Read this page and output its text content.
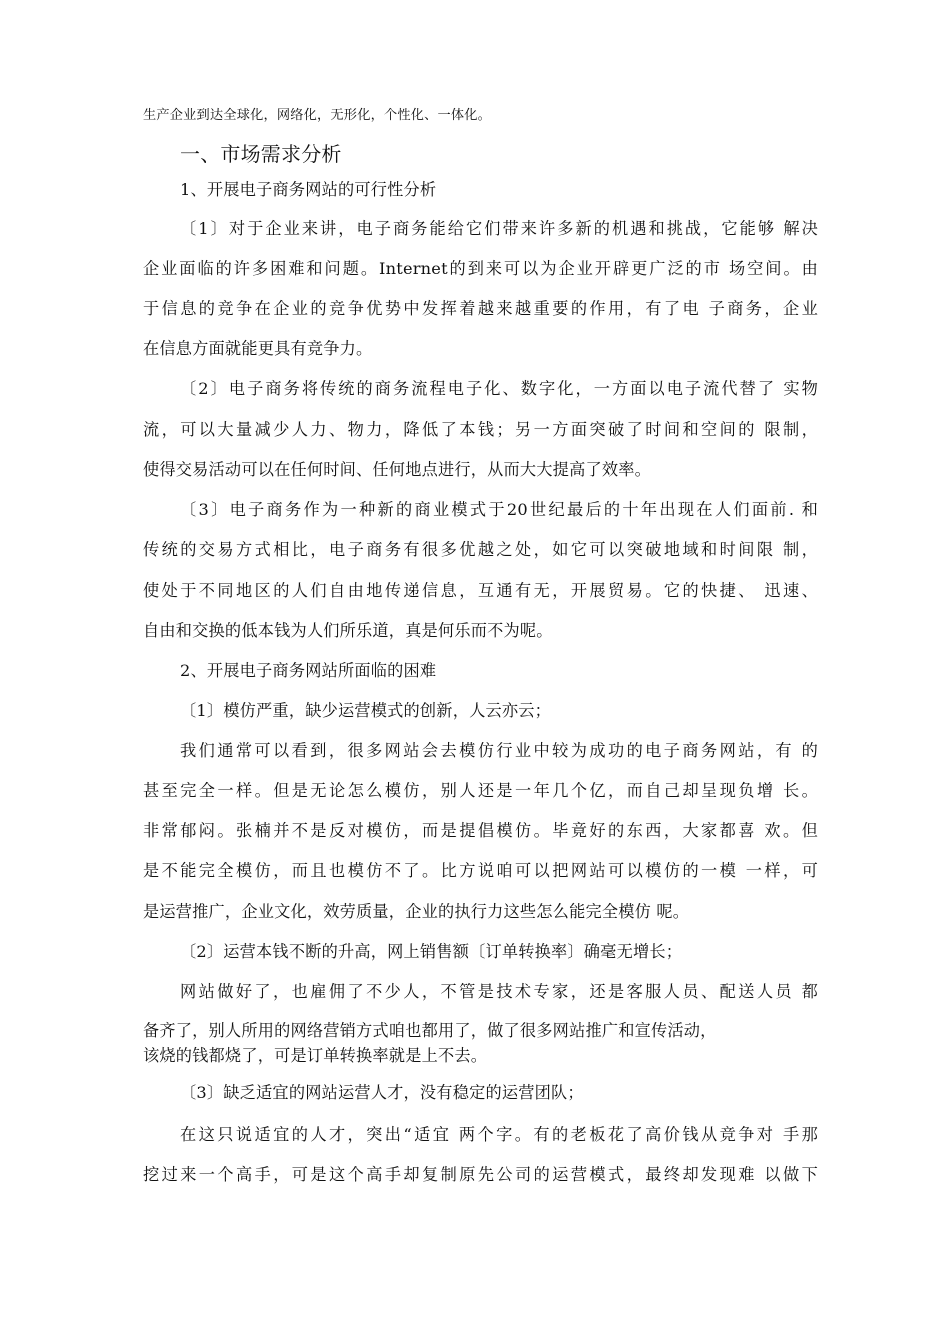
生产企业到达全球化，网络化，无形化，个性化、一体化。
一、市场需求分析
1、开展电子商务网站的可行性分析
〔1〕对于企业来讲，电子商务能给它们带来许多新的机遇和挑战，它能够 解决
企业面临的许多困难和问题。Internet的到来可以为企业开辟更广泛的市 场空间。由
于信息的竞争在企业的竞争优势中发挥着越来越重要的作用，有了电 子商务，企业
在信息方面就能更具有竞争力。
〔2〕电子商务将传统的商务流程电子化、数字化，一方面以电子流代替了 实物
流，可以大量减少人力、物力，降低了本钱；另一方面突破了时间和空间的 限制，
使得交易活动可以在任何时间、任何地点进行，从而大大提高了效率。
〔3〕电子商务作为一种新的商业模式于20世纪最后的十年出现在人们面前. 和
传统的交易方式相比，电子商务有很多优越之处，如它可以突破地域和时间限 制，
使处于不同地区的人们自由地传递信息，互通有无，开展贸易。它的快捷、 迅速、
自由和交换的低本钱为人们所乐道，真是何乐而不为呢。
2、开展电子商务网站所面临的困难
〔1〕模仿严重，缺少运营模式的创新，人云亦云；
我们通常可以看到，很多网站会去模仿行业中较为成功的电子商务网站，有 的
甚至完全一样。但是无论怎么模仿，别人还是一年几个亿，而自己却呈现负增 长。
非常郁闷。张楠并不是反对模仿，而是提倡模仿。毕竟好的东西，大家都喜 欢。但
是不能完全模仿，而且也模仿不了。比方说咱可以把网站可以模仿的一模 一样，可
是运营推广，企业文化，效劳质量，企业的执行力这些怎么能完全模仿 呢。
〔2〕运营本钱不断的升高，网上销售额〔订单转换率〕确毫无增长；
网站做好了，也雇佣了不少人，不管是技术专家，还是客服人员、配送人员 都
备齐了，别人所用的网络营销方式咱也都用了，做了很多网站推广和宣传活动，
该烧的钱都烧了，可是订单转换率就是上不去。
〔3〕缺乏适宜的网站运营人才，没有稳定的运营团队；
在这只说适宜的人才，突出“适宜 两个字。有的老板花了高价钱从竞争对 手那
挖过来一个高手，可是这个高手却复制原先公司的运营模式，最终却发现难 以做下
